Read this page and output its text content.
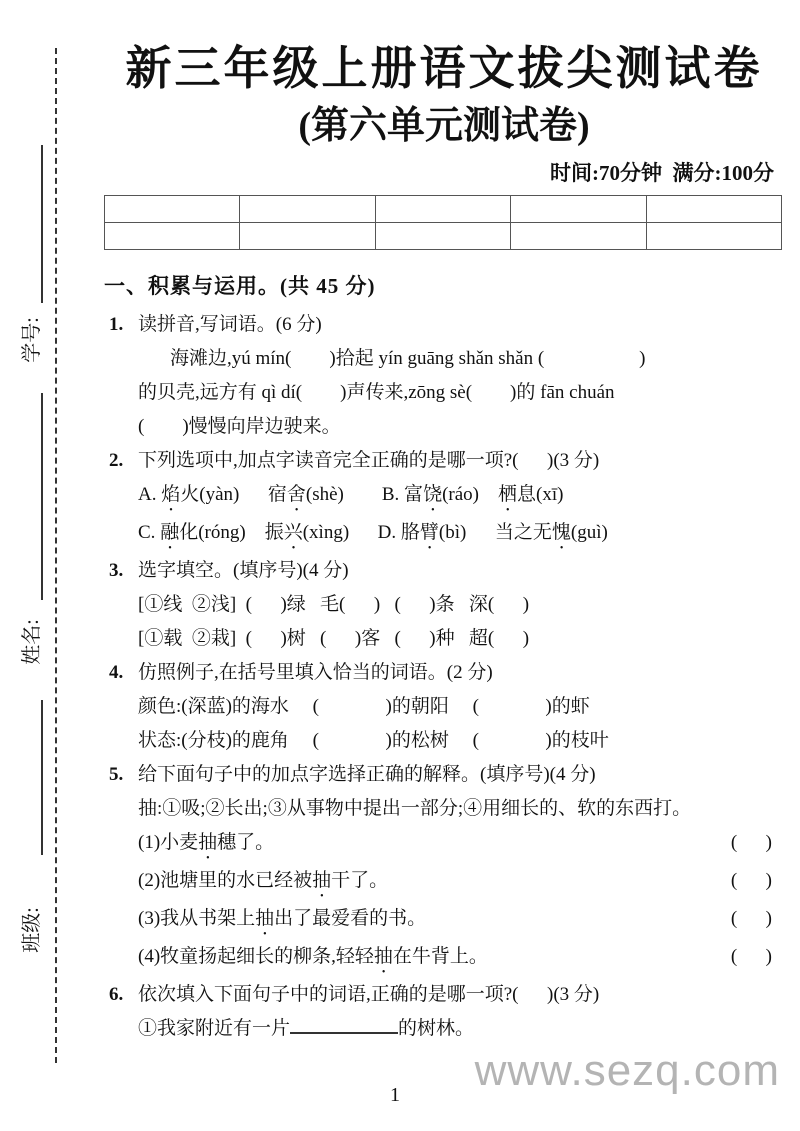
学号:
姓名:
班级:
新三年级上册语文拔尖测试卷
(第六单元测试卷)
时间:70分钟  满分:100分

一、积累与运用。(共 45 分)
1. 读拼音,写词语。(6 分)
海滩边,yú mín(        )拾起 yín guāng shǎn shǎn (                    )
的贝壳,远方有 qì dí(        )声传来,zōng sè(        )的 fān chuán
(        )慢慢向岸边驶来。
2. 下列选项中,加点字读音完全正确的是哪一项?(      )(3 分)
A. 焰火(yàn)      宿舍(shè)        B. 富饶(ráo)    栖息(xī)
C. 融化(róng)    振兴(xìng)      D. 胳臂(bì)      当之无愧(guì)
3. 选字填空。(填序号)(4 分)
[①线  ②浅]  (      )绿   毛(      )   (      )条   深(      )
[①载  ②栽]  (      )树   (      )客   (      )种   超(      )
4. 仿照例子,在括号里填入恰当的词语。(2 分)
颜色:(深蓝)的海水     (              )的朝阳     (              )的虾
状态:(分枝)的鹿角     (              )的松树     (              )的枝叶
5. 给下面句子中的加点字选择正确的解释。(填序号)(4 分)
抽:①吸;②长出;③从事物中提出一部分;④用细长的、软的东西打。
(1)小麦抽穗了。	(      )
(2)池塘里的水已经被抽干了。	(      )
(3)我从书架上抽出了最爱看的书。	(      )
(4)牧童扬起细长的柳条,轻轻抽在牛背上。	(      )
6. 依次填入下面句子中的词语,正确的是哪一项?(      )(3 分)
①我家附近有一片	的树林。
1 www.sezq.com
